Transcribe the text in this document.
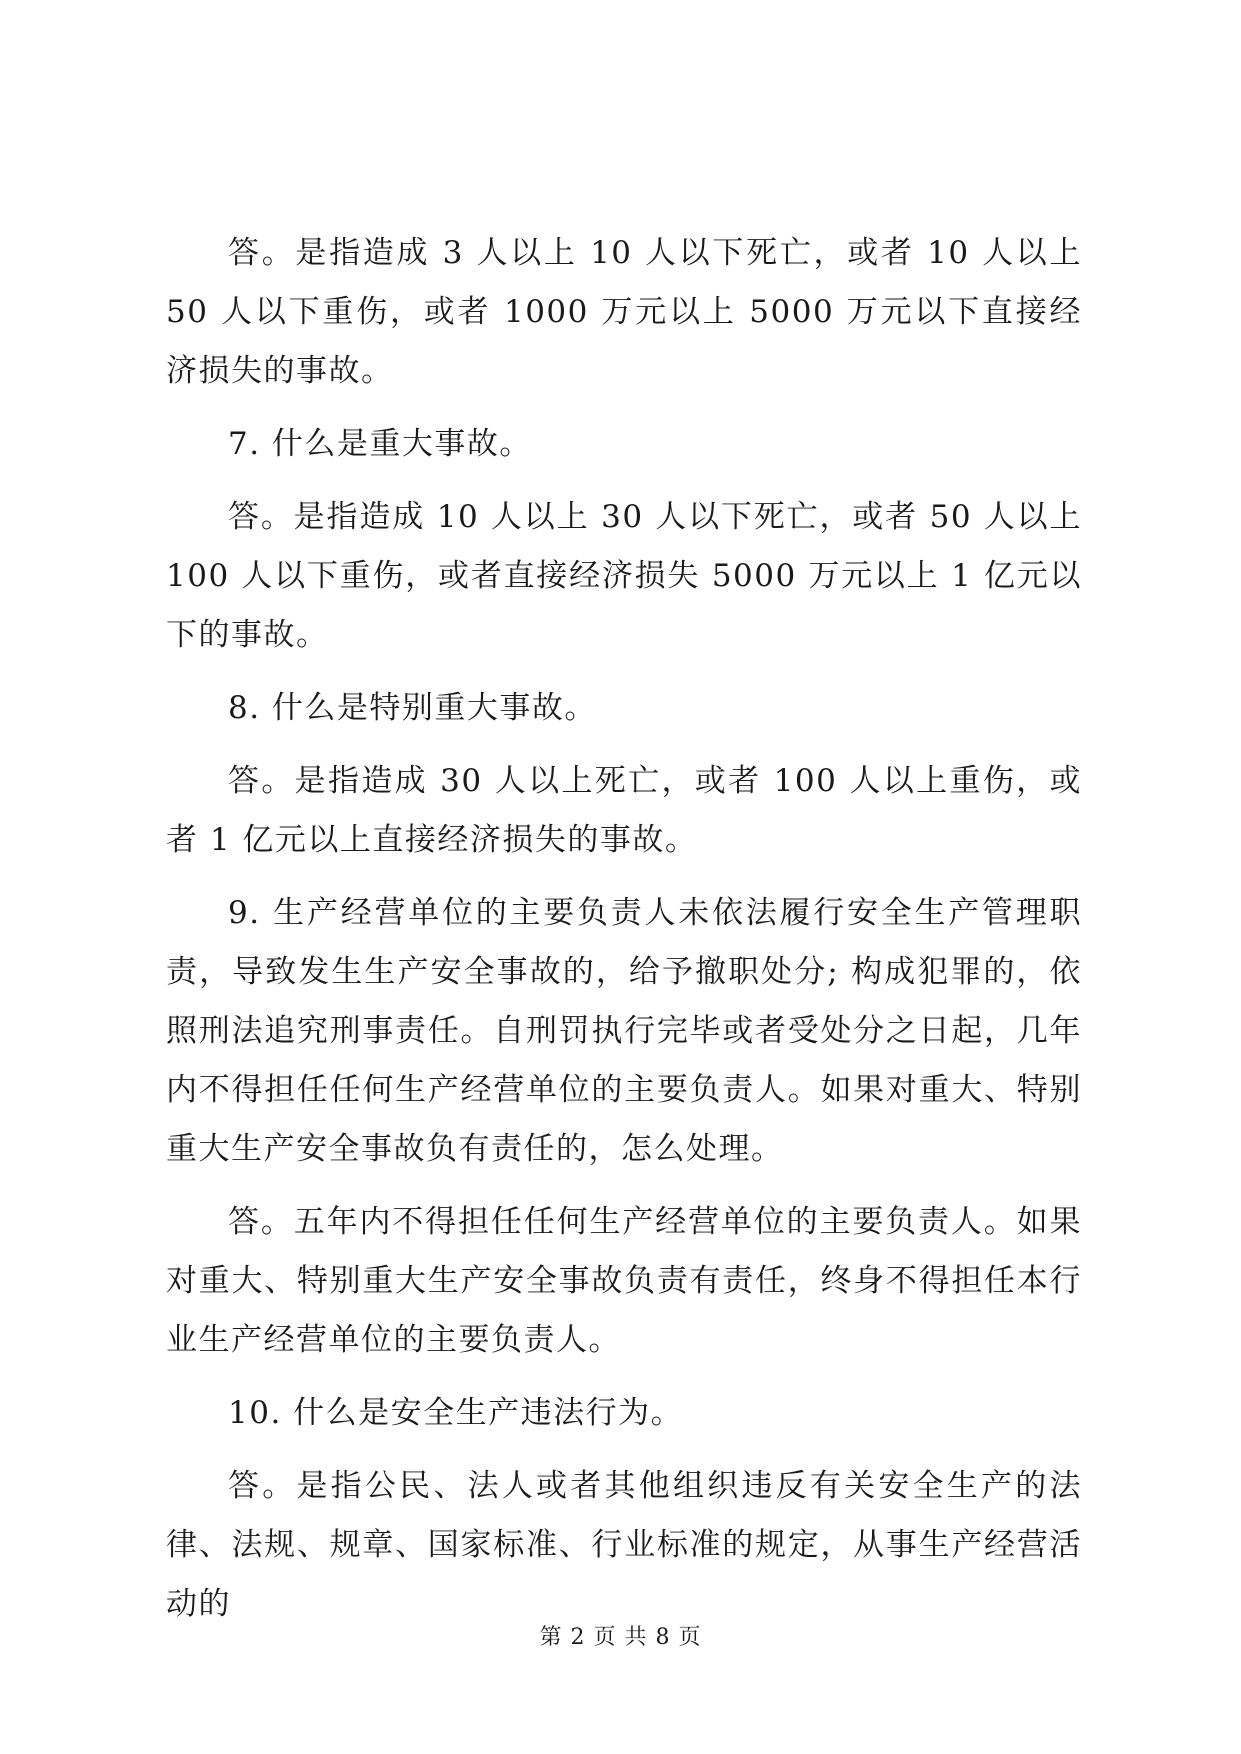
答。是指造成 3 人以上 10 人以下死亡，或者 10 人以上 50 人以下重伤，或者 1000 万元以上 5000 万元以下直接经济损失的事故。

7. 什么是重大事故。

答。是指造成 10 人以上 30 人以下死亡，或者 50 人以上 100 人以下重伤，或者直接经济损失 5000 万元以上 1 亿元以下的事故。

8. 什么是特别重大事故。

答。是指造成 30 人以上死亡，或者 100 人以上重伤，或者 1 亿元以上直接经济损失的事故。

9. 生产经营单位的主要负责人未依法履行安全生产管理职责，导致发生生产安全事故的，给予撤职处分; 构成犯罪的，依照刑法追究刑事责任。自刑罚执行完毕或者受处分之日起，几年内不得担任任何生产经营单位的主要负责人。如果对重大、特别重大生产安全事故负有责任的，怎么处理。

答。五年内不得担任任何生产经营单位的主要负责人。如果对重大、特别重大生产安全事故负责有责任，终身不得担任本行业生产经营单位的主要负责人。

10. 什么是安全生产违法行为。

答。是指公民、法人或者其他组织违反有关安全生产的法律、法规、规章、国家标准、行业标准的规定，从事生产经营活动的

第 2 页 共 8 页
